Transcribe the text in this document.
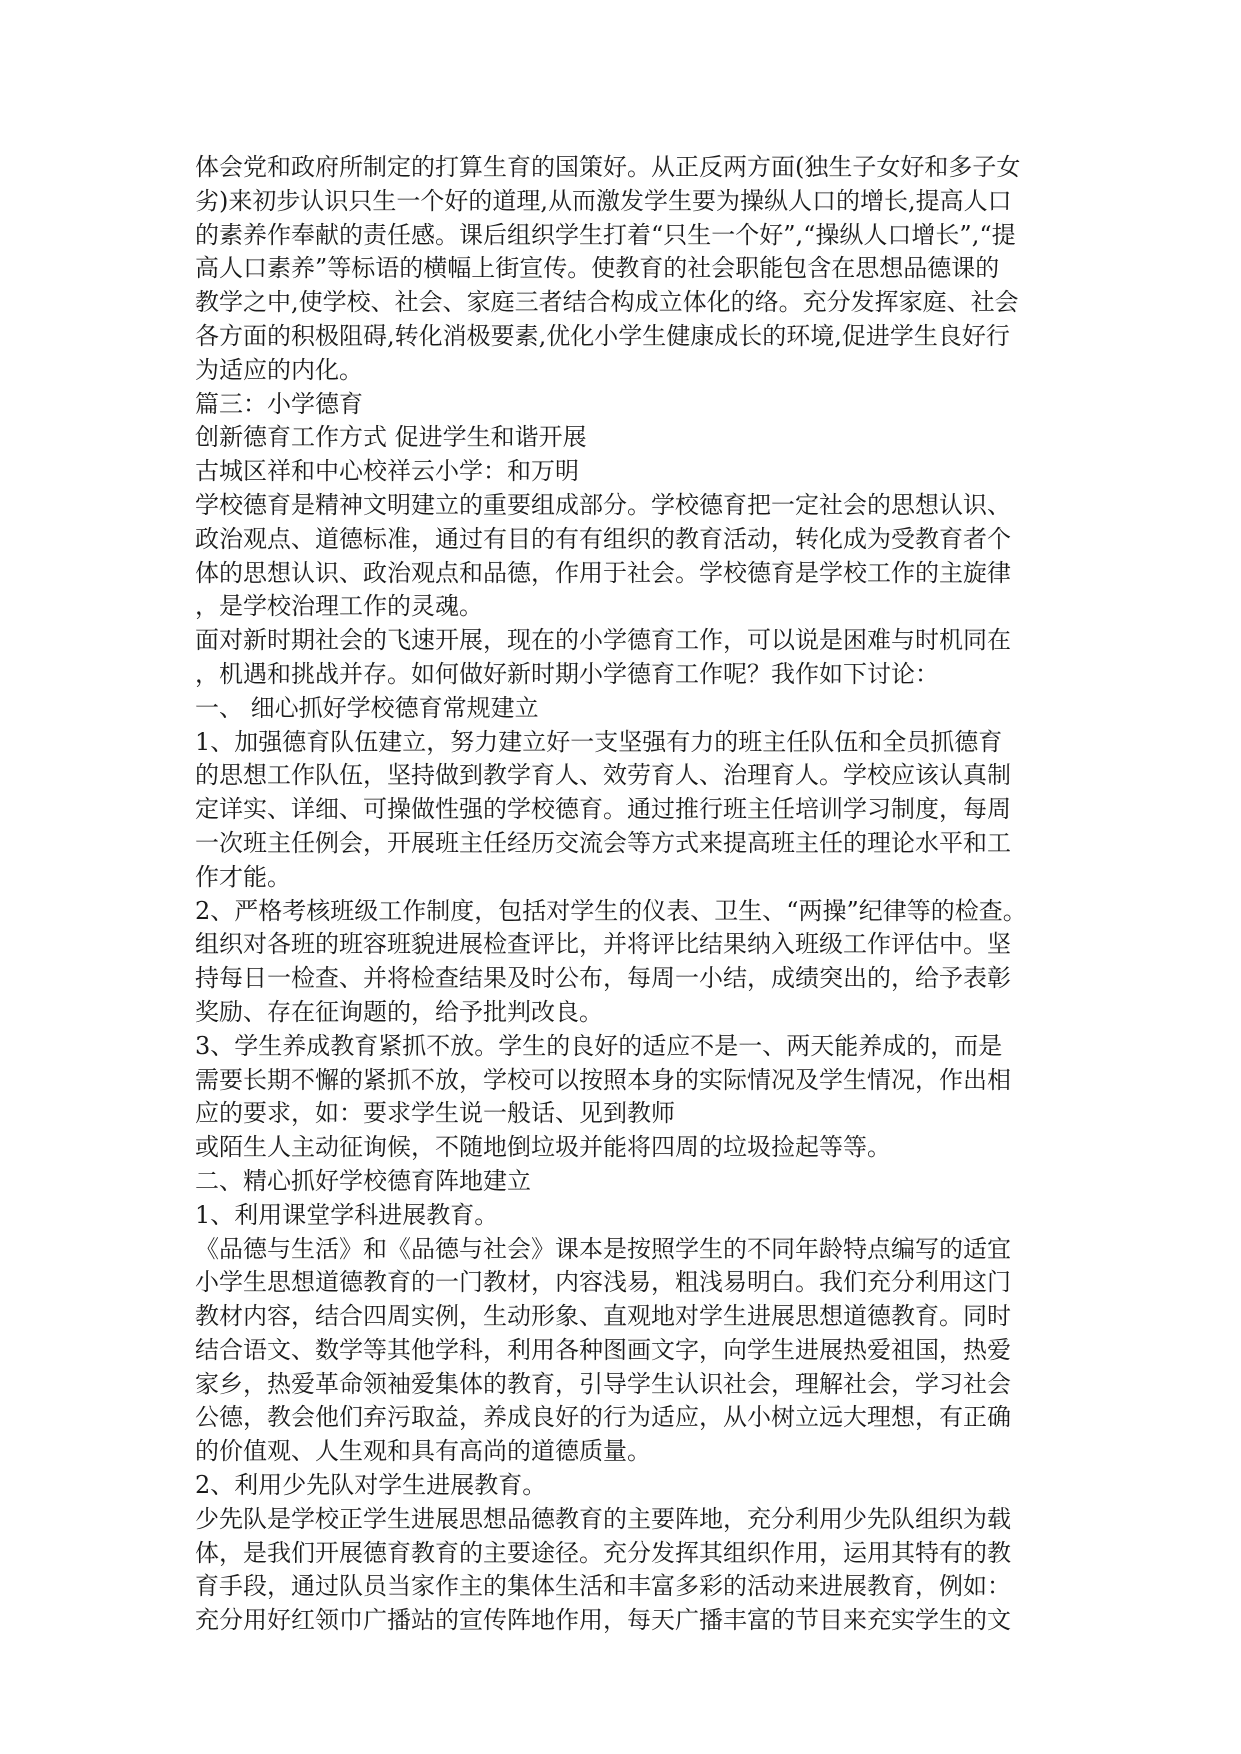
体会党和政府所制定的打算生育的国策好。从正反两方面(独生子女好和多子女
劣)来初步认识只生一个好的道理,从而激发学生要为操纵人口的增长,提高人口
的素养作奉献的责任感。课后组织学生打着“只生一个好”,“操纵人口增长”,“提
高人口素养”等标语的横幅上街宣传。使教育的社会职能包含在思想品德课的
教学之中,使学校、社会、家庭三者结合构成立体化的络。充分发挥家庭、社会
各方面的积极阻碍,转化消极要素,优化小学生健康成长的环境,促进学生良好行
为适应的内化。
篇三：小学德育
创新德育工作方式 促进学生和谐开展
古城区祥和中心校祥云小学：和万明
学校德育是精神文明建立的重要组成部分。学校德育把一定社会的思想认识、
政治观点、道德标准，通过有目的有有组织的教育活动，转化成为受教育者个
体的思想认识、政治观点和品德，作用于社会。学校德育是学校工作的主旋律
，是学校治理工作的灵魂。
面对新时期社会的飞速开展，现在的小学德育工作，可以说是困难与时机同在
，机遇和挑战并存。如何做好新时期小学德育工作呢？我作如下讨论：
一、 细心抓好学校德育常规建立
1、加强德育队伍建立，努力建立好一支坚强有力的班主任队伍和全员抓德育
的思想工作队伍，坚持做到教学育人、效劳育人、治理育人。学校应该认真制
定详实、详细、可操做性强的学校德育。通过推行班主任培训学习制度，每周
一次班主任例会，开展班主任经历交流会等方式来提高班主任的理论水平和工
作才能。
2、严格考核班级工作制度，包括对学生的仪表、卫生、“两操”纪律等的检查。
组织对各班的班容班貌进展检查评比，并将评比结果纳入班级工作评估中。坚
持每日一检查、并将检查结果及时公布，每周一小结，成绩突出的，给予表彰
奖励、存在征询题的，给予批判改良。
3、学生养成教育紧抓不放。学生的良好的适应不是一、两天能养成的，而是
需要长期不懈的紧抓不放，学校可以按照本身的实际情况及学生情况，作出相
应的要求，如：要求学生说一般话、见到教师
或陌生人主动征询候，不随地倒垃圾并能将四周的垃圾捡起等等。
二、精心抓好学校德育阵地建立
1、利用课堂学科进展教育。
《品德与生活》和《品德与社会》课本是按照学生的不同年龄特点编写的适宜
小学生思想道德教育的一门教材，内容浅易，粗浅易明白。我们充分利用这门
教材内容，结合四周实例，生动形象、直观地对学生进展思想道德教育。同时
结合语文、数学等其他学科，利用各种图画文字，向学生进展热爱祖国，热爱
家乡，热爱革命领袖爱集体的教育，引导学生认识社会，理解社会，学习社会
公德，教会他们弃污取益，养成良好的行为适应，从小树立远大理想，有正确
的价值观、人生观和具有高尚的道德质量。
2、利用少先队对学生进展教育。
少先队是学校正学生进展思想品德教育的主要阵地，充分利用少先队组织为载
体，是我们开展德育教育的主要途径。充分发挥其组织作用，运用其特有的教
育手段，通过队员当家作主的集体生活和丰富多彩的活动来进展教育，例如：
充分用好红领巾广播站的宣传阵地作用，每天广播丰富的节目来充实学生的文
